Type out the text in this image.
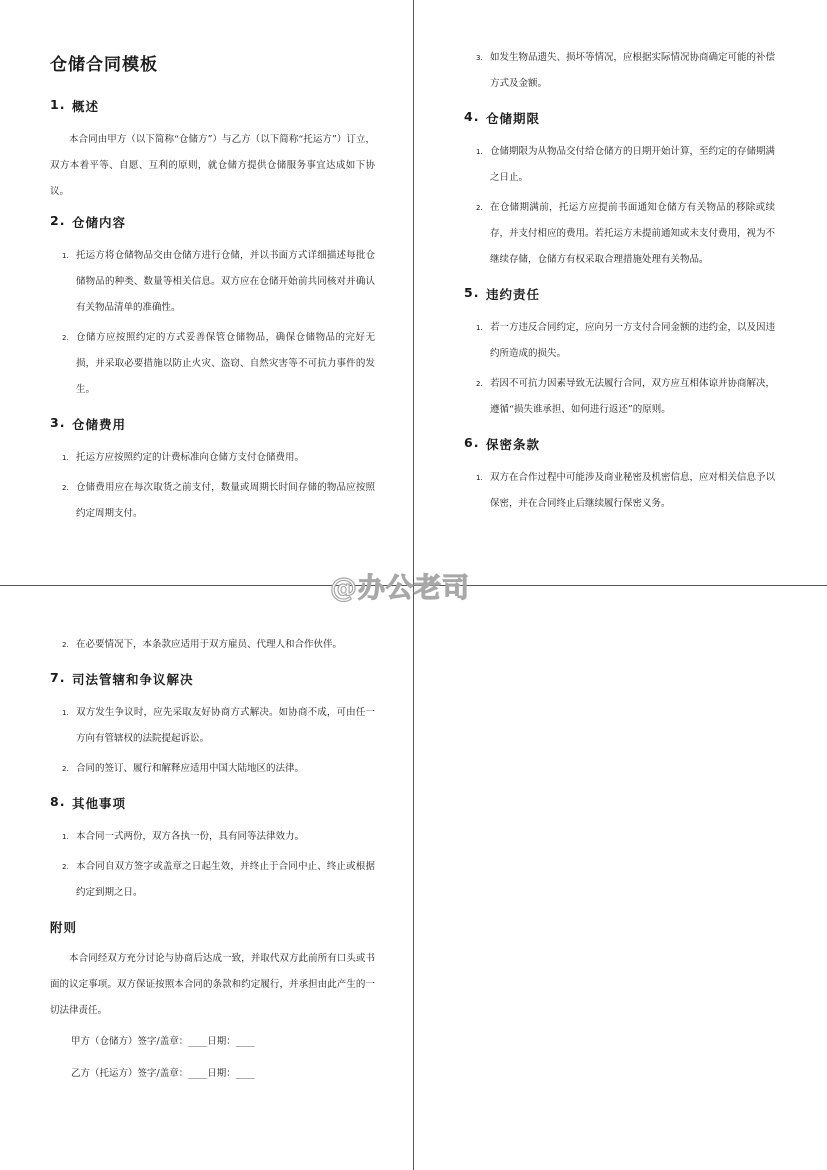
仓储合同模板
1. 概述

本合同由甲方（以下简称“仓储方”）与乙方（以下简称“托运方”）订立，双方本着平等、自愿、互利的原则，就仓储方提供仓储服务事宜达成如下协议。

2. 仓储内容
1. 托运方将仓储物品交由仓储方进行仓储，并以书面方式详细描述每批仓储物品的种类、数量等相关信息。双方应在仓储开始前共同核对并确认有关物品清单的准确性。
2. 仓储方应按照约定的方式妥善保管仓储物品，确保仓储物品的完好无损，并采取必要措施以防止火灾、盗窃、自然灾害等不可抗力事件的发生。
3. 仓储费用
1. 托运方应按照约定的计费标准向仓储方支付仓储费用。
2. 仓储费用应在每次取货之前支付，数量或周期长时间存储的物品应按照约定周期支付。
3. 如发生物品遗失、损坏等情况，应根据实际情况协商确定可能的补偿方式及金额。
4. 仓储期限
1. 仓储期限为从物品交付给仓储方的日期开始计算，至约定的存储期满之日止。
2. 在仓储期满前，托运方应提前书面通知仓储方有关物品的移除或续存，并支付相应的费用。若托运方未提前通知或未支付费用，视为不继续存储，仓储方有权采取合理措施处理有关物品。
5. 违约责任
1. 若一方违反合同约定，应向另一方支付合同金额的违约金，以及因违约所造成的损失。
2. 若因不可抗力因素导致无法履行合同，双方应互相体谅并协商解决，遵循“损失谁承担、如何进行返还”的原则。
6. 保密条款
1. 双方在合作过程中可能涉及商业秘密及机密信息，应对相关信息予以保密，并在合同终止后继续履行保密义务。
2. 在必要情况下，本条款应适用于双方雇员、代理人和合作伙伴。
7. 司法管辖和争议解决
1. 双方发生争议时，应先采取友好协商方式解决。如协商不成，可由任一方向有管辖权的法院提起诉讼。
2. 合同的签订、履行和解释应适用中国大陆地区的法律。
8. 其他事项
1. 本合同一式两份，双方各执一份，具有同等法律效力。
2. 本合同自双方签字或盖章之日起生效，并终止于合同中止、终止或根据约定到期之日。
附则

本合同经双方充分讨论与协商后达成一致，并取代双方此前所有口头或书面的议定事项。双方保证按照本合同的条款和约定履行，并承担由此产生的一切法律责任。

甲方（仓储方）签字/盖章：____日期：____
乙方（托运方）签字/盖章：____日期：____
@办公老司
